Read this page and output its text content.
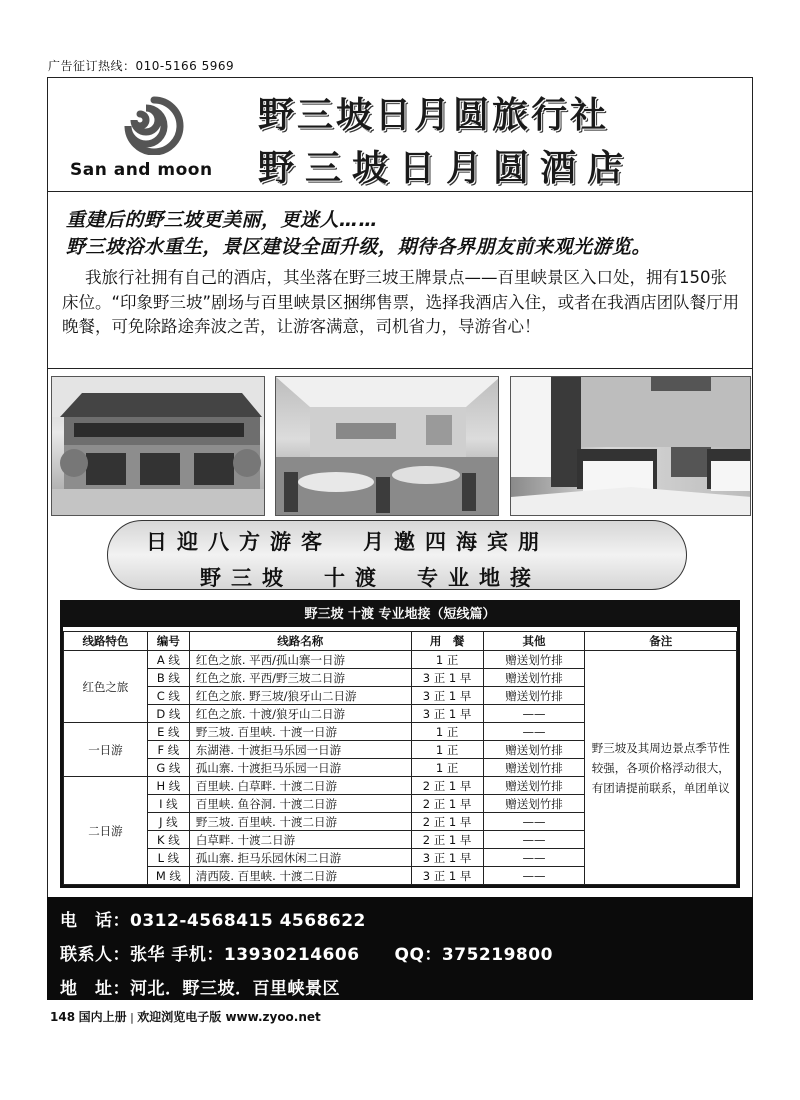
广告征订热线：010-5166 5969
San and moon
野三坡日月圆旅行社
野三坡日月圆酒店
重建后的野三坡更美丽，更迷人……
野三坡浴水重生，景区建设全面升级，期待各界朋友前来观光游览。
我旅行社拥有自己的酒店，其坐落在野三坡王牌景点——百里峡景区入口处，拥有150张床位。“印象野三坡”剧场与百里峡景区捆绑售票，选择我酒店入住，或者在我酒店团队餐厅用晚餐，可免除路途奔波之苦，让游客满意，司机省力，导游省心！
日迎八方游客　月邀四海宾朋
野三坡　十渡　专业地接
野三坡 十渡 专业地接（短线篇）
线路特色	编号	线路名称	用　餐	其他	备注
红色之旅	A 线	红色之旅. 平西/孤山寨一日游	1 正	赠送划竹排	野三坡及其周边景点季节性较强，各项价格浮动很大，有团请提前联系，单团单议
	B 线	红色之旅. 平西/野三坡二日游	3 正 1 早	赠送划竹排	
	C 线	红色之旅. 野三坡/狼牙山二日游	3 正 1 早	赠送划竹排	
	D 线	红色之旅. 十渡/狼牙山二日游	3 正 1 早	——	
一日游	E 线	野三坡. 百里峡. 十渡一日游	1 正	——	
	F 线	东湖港. 十渡拒马乐园一日游	1 正	赠送划竹排	
	G 线	孤山寨. 十渡拒马乐园一日游	1 正	赠送划竹排	
二日游	H 线	百里峡. 白草畔. 十渡二日游	2 正 1 早	赠送划竹排	
	I 线	百里峡. 鱼谷洞. 十渡二日游	2 正 1 早	赠送划竹排	
	J 线	野三坡. 百里峡. 十渡二日游	2 正 1 早	——	
	K 线	白草畔. 十渡二日游	2 正 1 早	——	
	L 线	孤山寨. 拒马乐园休闲二日游	3 正 1 早	——	
	M 线	清西陵. 百里峡. 十渡二日游	3 正 1 早	——	
电　话：0312-4568415 4568622
联系人：张华 手机：13930214606　　QQ：375219800
地　址：河北．野三坡．百里峡景区
148 国内上册 | 欢迎浏览电子版 www.zyoo.net
